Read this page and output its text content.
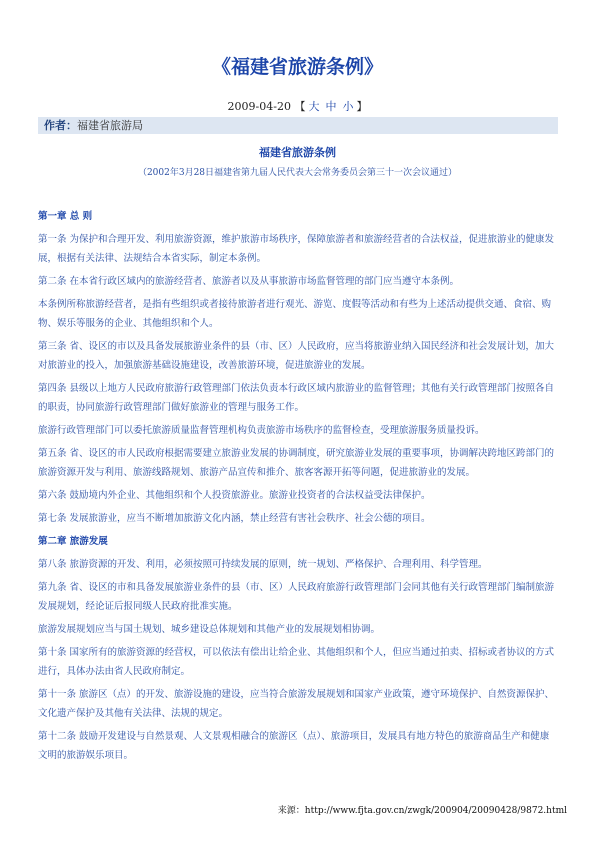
《福建省旅游条例》
2009-04-20 【 大 中 小 】
作者：福建省旅游局
福建省旅游条例
（2002年3月28日福建省第九届人民代表大会常务委员会第三十一次会议通过）

第一章 总 则

第一条 为保护和合理开发、利用旅游资源，维护旅游市场秩序，保障旅游者和旅游经营者的合法权益，促进旅游业的健康发展，根据有关法律、法规结合本省实际，制定本条例。

第二条 在本省行政区域内的旅游经营者、旅游者以及从事旅游市场监督管理的部门应当遵守本条例。

本条例所称旅游经营者，是指有些组织或者接待旅游者进行观光、游览、度假等活动和有些为上述活动提供交通、食宿、购物、娱乐等服务的企业、其他组织和个人。

第三条 省、设区的市以及具备发展旅游业条件的县（市、区）人民政府，应当将旅游业纳入国民经济和社会发展计划，加大对旅游业的投入，加强旅游基础设施建设，改善旅游环境，促进旅游业的发展。

第四条 县级以上地方人民政府旅游行政管理部门依法负责本行政区域内旅游业的监督管理；其他有关行政管理部门按照各自的职责，协同旅游行政管理部门做好旅游业的管理与服务工作。

旅游行政管理部门可以委托旅游质量监督管理机构负责旅游市场秩序的监督检查，受理旅游服务质量投诉。

第五条 省、设区的市人民政府根据需要建立旅游业发展的协调制度，研究旅游业发展的重要事项，协调解决跨地区跨部门的旅游资源开发与利用、旅游线路规划、旅游产品宣传和推介、旅客客源开拓等问题，促进旅游业的发展。

第六条 鼓励境内外企业、其他组织和个人投资旅游业。旅游业投资者的合法权益受法律保护。

第七条 发展旅游业，应当不断增加旅游文化内涵，禁止经营有害社会秩序、社会公德的项目。

第二章 旅游发展

第八条 旅游资源的开发、利用，必须按照可持续发展的原则，统一规划、严格保护、合理利用、科学管理。

第九条 省、设区的市和具备发展旅游业条件的县（市、区）人民政府旅游行政管理部门会同其他有关行政管理部门编制旅游发展规划，经论证后报同级人民政府批准实施。

旅游发展规划应当与国土规划、城乡建设总体规划和其他产业的发展规划相协调。

第十条 国家所有的旅游资源的经营权，可以依法有偿出让给企业、其他组织和个人，但应当通过拍卖、招标或者协议的方式进行，具体办法由省人民政府制定。

第十一条 旅游区（点）的开发、旅游设施的建设，应当符合旅游发展规划和国家产业政策，遵守环境保护、自然资源保护、文化遗产保护及其他有关法律、法规的规定。

第十二条 鼓励开发建设与自然景观、人文景观相融合的旅游区（点）、旅游项目，发展具有地方特色的旅游商品生产和健康文明的旅游娱乐项目。

来源：http://www.fjta.gov.cn/zwgk/200904/20090428/9872.html
